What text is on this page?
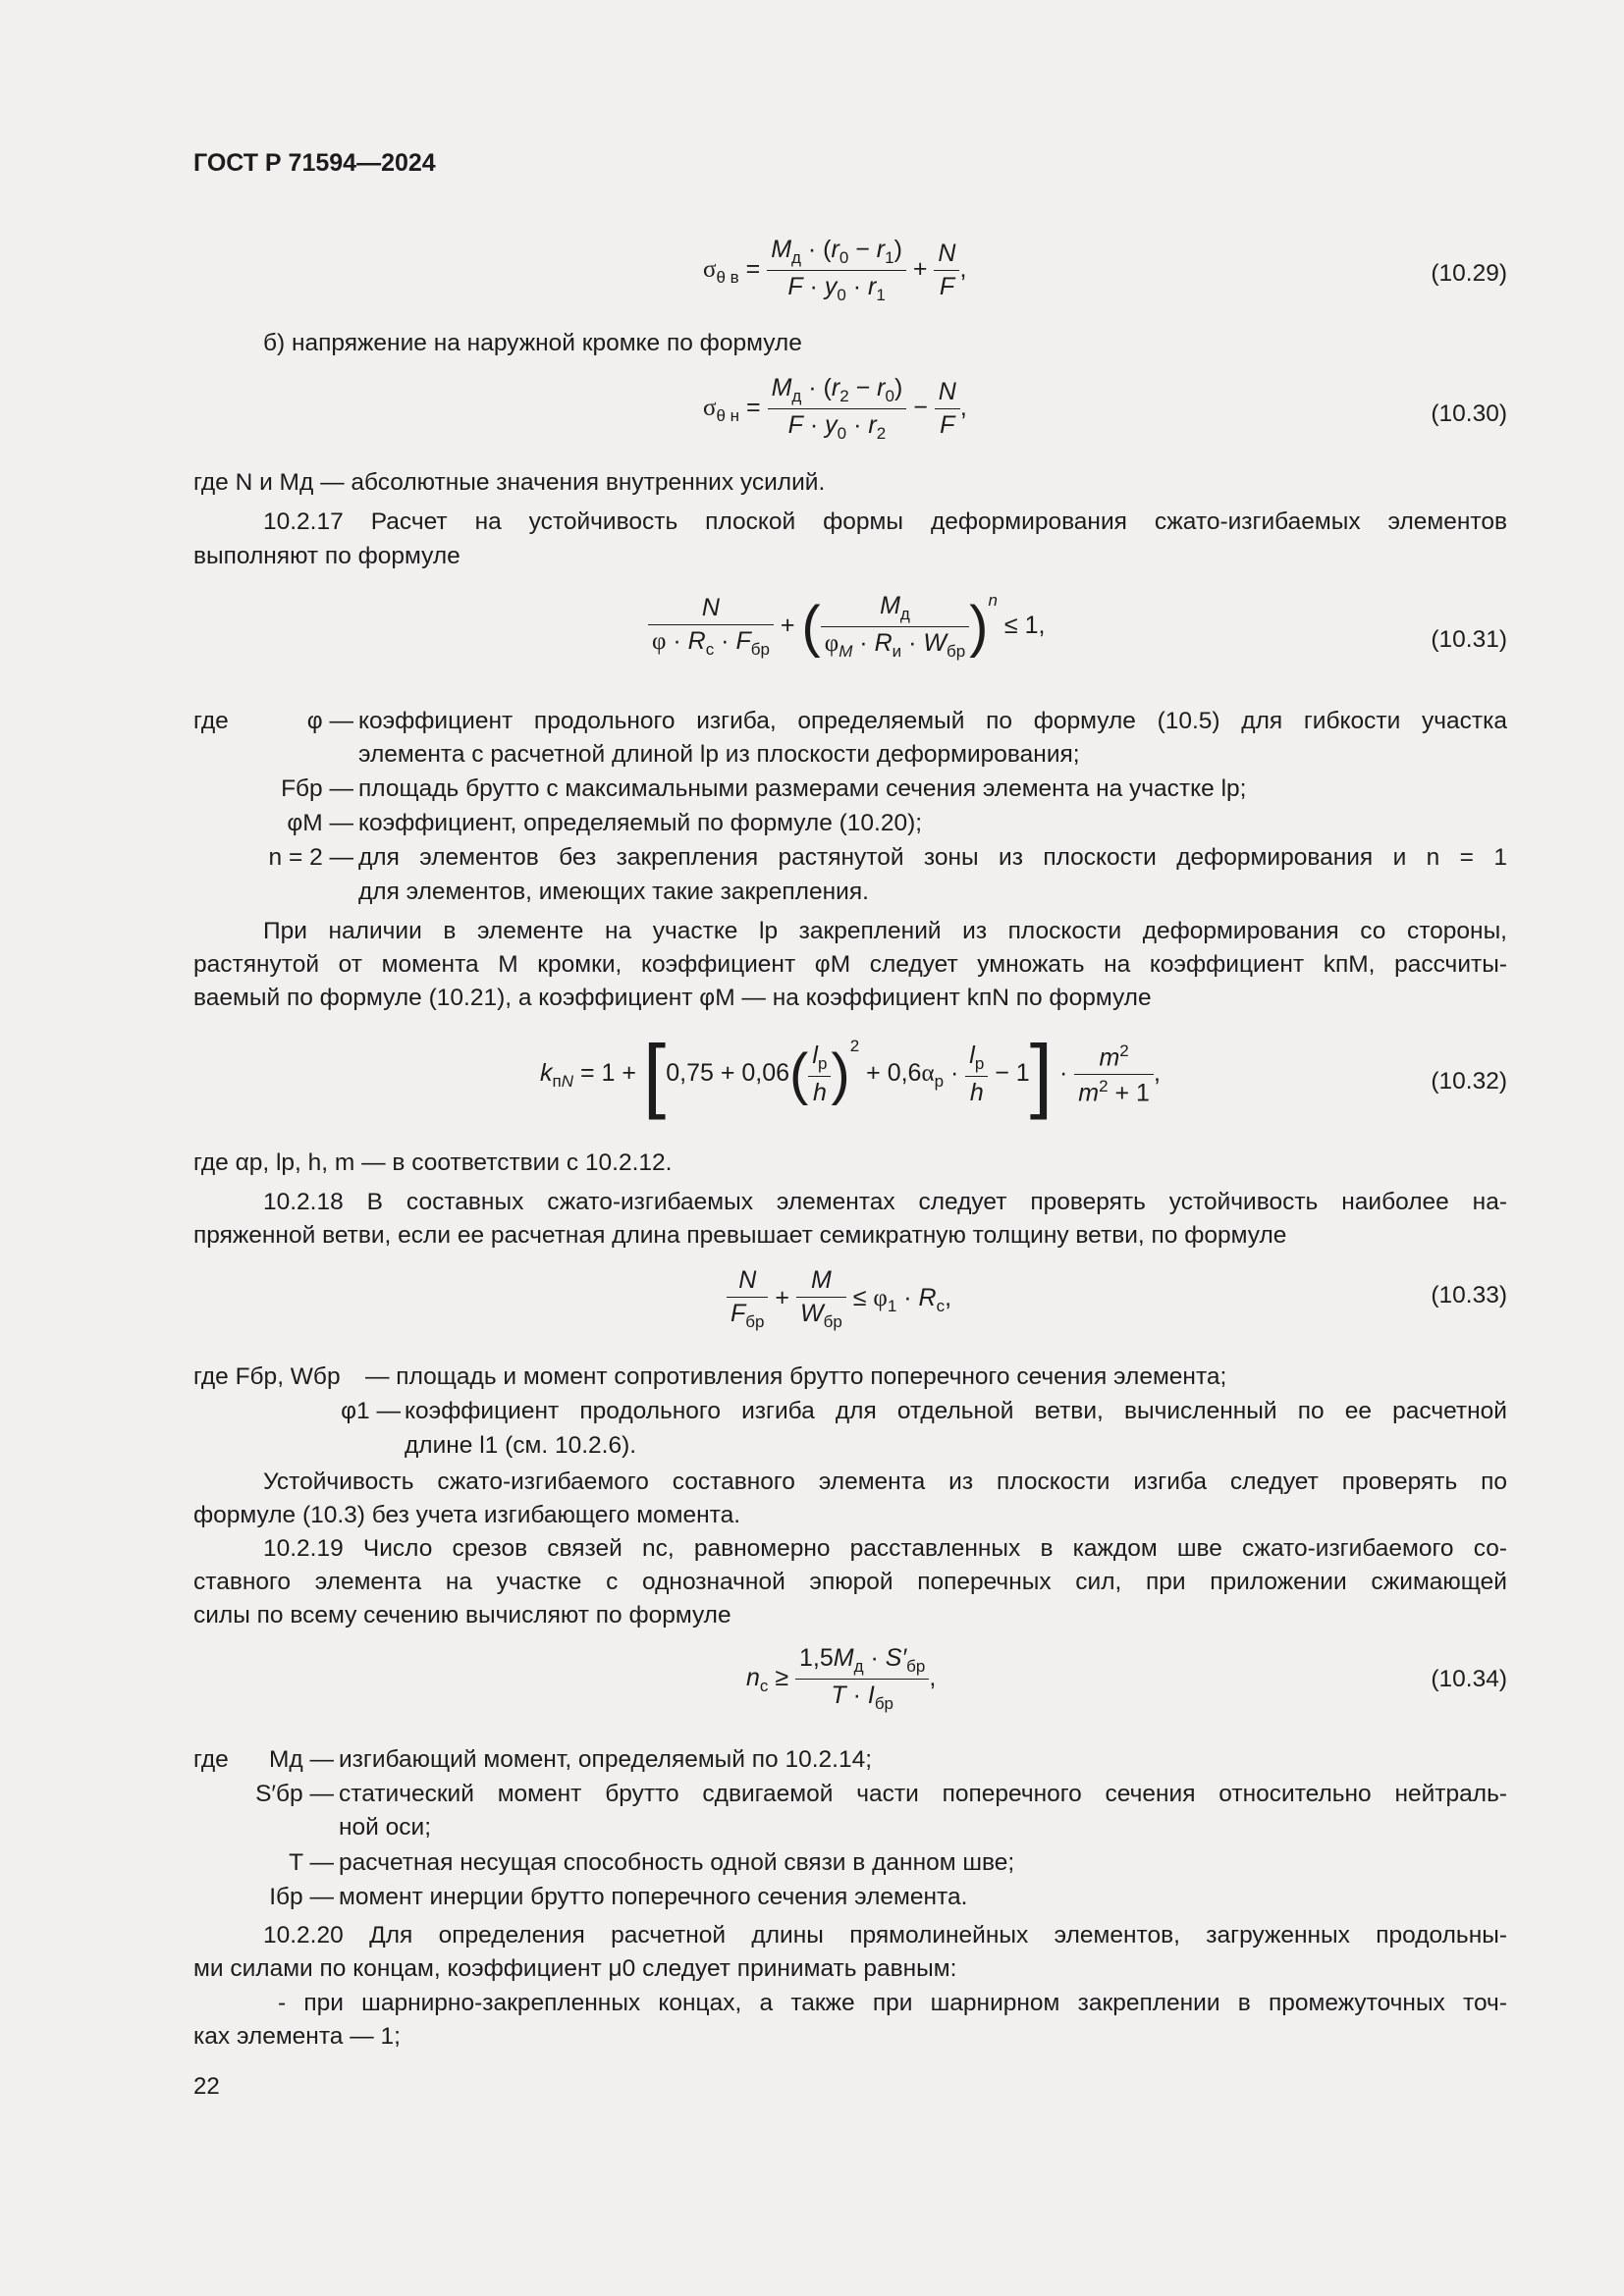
ГОСТ Р 71594—2024
$\sigma_{\theta в} = \frac{M_д \cdot (r_0 - r_1)}{F \cdot y_0 \cdot r_1} + \frac{N}{F}$ ,	(10.29)
б) напряжение на наружной кромке по формуле
$\sigma_{\theta н} = \frac{M_д \cdot (r_2 - r_0)}{F \cdot y_0 \cdot r_2} - \frac{N}{F}$ ,	(10.30)
где N и Mд — абсолютные значения внутренних усилий.
10.2.17 Расчет на устойчивость плоской формы деформирования сжато-изгибаемых элементов
выполняют по формуле
$\frac{N}{\varphi \cdot R_с \cdot F_{бр}}$ + ( $\frac{M_д}{\varphi_M \cdot R_и \cdot W_{бр}} )^n \le 1$,
(10.31)
где	φ — коэффициент продольного изгиба, определяемый по формуле (10.5) для гибкости участка
элемента с расчетной длиной lр из плоскости деформирования;
Fбр — площадь брутто с максимальными размерами сечения элемента на участке lр;
φM — коэффициент, определяемый по формуле (10.20);
n = 2 — для элементов без закрепления растянутой зоны из плоскости деформирования и n = 1
для элементов, имеющих такие закрепления.
При наличии в элементе на участке lр закреплений из плоскости деформирования со стороны,
растянутой от момента M кромки, коэффициент φM следует умножать на коэффициент kпM, рассчиты-
ваемый по формуле (10.21), а коэффициент φM — на коэффициент kпN по формуле
$k_{пN} = 1 + [0,75 + 0,06( \frac{l_р}{h} )^2 + 0,6\alpha_р \cdot \frac{l_р}{h} - 1] \cdot \frac{m^2}{m^2 + 1}$ ,	(10.32)
где αр, lр, h, m — в соответствии с 10.2.12.
10.2.18 В составных сжато-изгибаемых элементах следует проверять устойчивость наиболее на-
пряженной ветви, если ее расчетная длина превышает семикратную толщину ветви, по формуле
$\frac{N}{F_{бр}} + \frac{M}{W_{бр}} \le \varphi_1 \cdot R_с$,	(10.33)
где Fбр, Wбр — площадь и момент сопротивления брутто поперечного сечения элемента;
φ1 — коэффициент продольного изгиба для отдельной ветви, вычисленный по ее расчетной
длине l1 (см. 10.2.6).
Устойчивость сжато-изгибаемого составного элемента из плоскости изгиба следует проверять по
формуле (10.3) без учета изгибающего момента.
10.2.19 Число срезов связей nс, равномерно расставленных в каждом шве сжато-изгибаемого со-
ставного элемента на участке с однозначной эпюрой поперечных сил, при приложении сжимающей
силы по всему сечению вычисляют по формуле
$n_с \ge \frac{1,5M_д \cdot S'_{бр}}{T \cdot I_{бр}}$ ,	(10.34)
где	Mд — изгибающий момент, определяемый по 10.2.14;
S′бр — статический момент брутто сдвигаемой части поперечного сечения относительно нейтраль-
ной оси;
T — расчетная несущая способность одной связи в данном шве;
Iбр — момент инерции брутто поперечного сечения элемента.
10.2.20 Для определения расчетной длины прямолинейных элементов, загруженных продольны-
ми силами по концам, коэффициент μ0 следует принимать равным:
- при шарнирно-закрепленных концах, а также при шарнирном закреплении в промежуточных точ-
ках элемента — 1;
22
